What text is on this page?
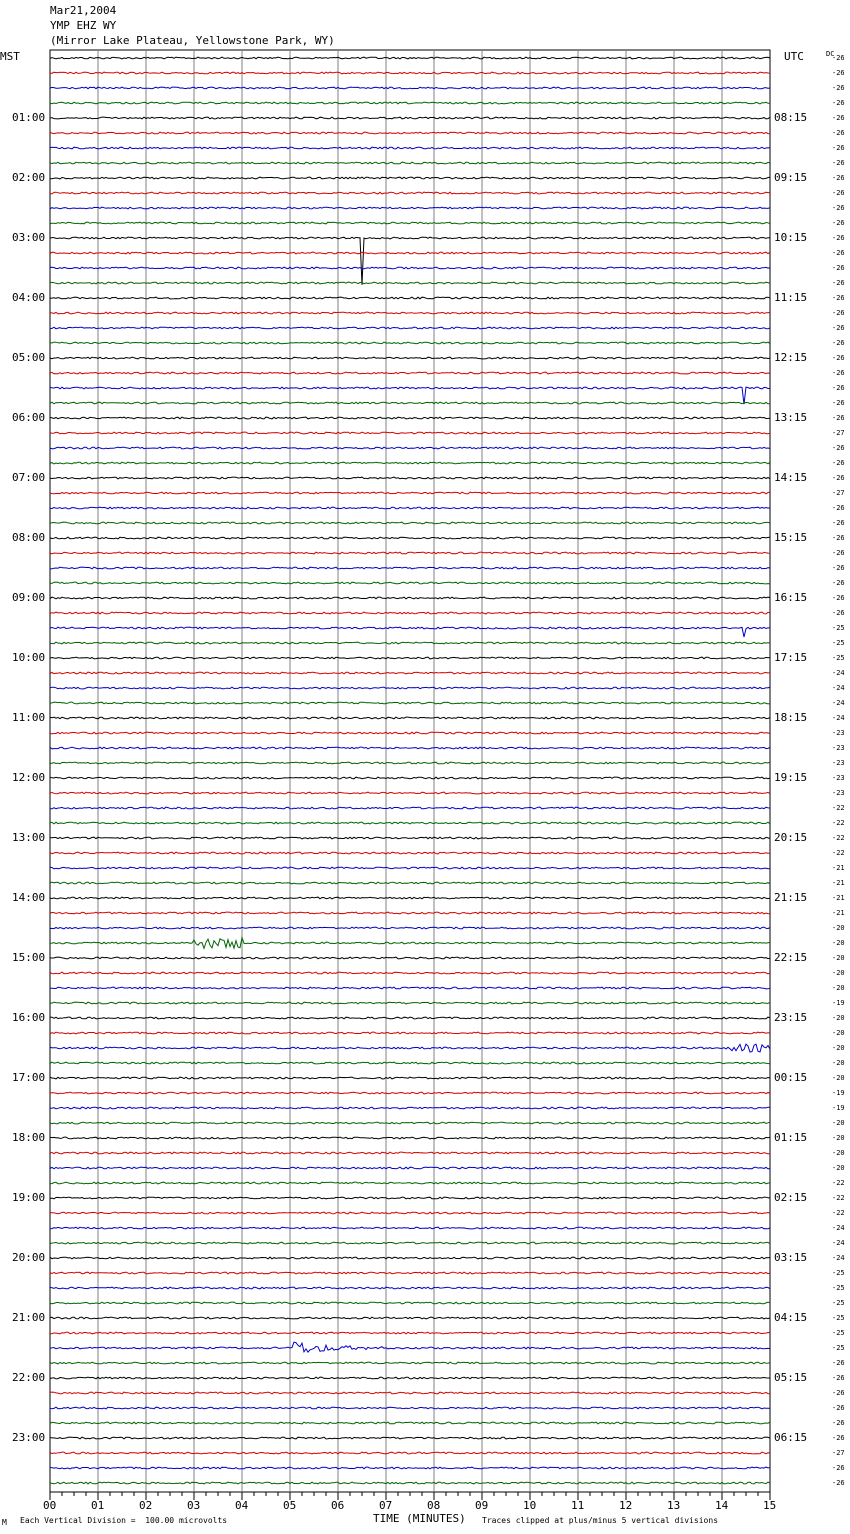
Mar21,2004
YMP EHZ WY
(Mirror Lake Plateau, Yellowstone Park, WY)
MST	UTC	DC
00	01	02	03	04	05	06	07	08	09	10	11	12	13	14	15
-26
-26
-26
-26
-26
01:00	08:15
-26
-26
-26
-26
02:00	09:15
-26
-26
-26
-26
03:00	10:15
-26
-26
-26
-26
04:00	11:15
-26
-26
-26
-26
05:00	12:15
-26
-26
-26
-26
06:00	13:15
-27
-26
-26
-26
07:00	14:15
-27
-26
-26
-26
08:00	15:15
-26
-26
-26
-26
09:00	16:15
-26
-25
-25
-25
10:00	17:15
-24
-24
-24
-24
11:00	18:15
-23
-23
-23
-23
12:00	19:15
-23
-22
-22
-22
13:00	20:15
-22
-21
-21
-21
14:00	21:15
-21
-20
-20
-20
15:00	22:15
-20
-20
-19
-20
16:00	23:15
-20
-20
-20
-20
17:00	00:15
-19
-19
-20
-20
18:00	01:15
-20
-20
-22
-22
19:00	02:15
-22
-24
-24
-24
20:00	03:15
-25
-25
-25
-25
21:00	04:15
-25
-25
-26
-26
22:00	05:15
-26
-26
-26
-26
23:00	06:15
-27
-26
-26
M Each Vertical Division =  100.00 microvolts	TIME (MINUTES) Traces clipped at plus/minus 5 vertical divisions
